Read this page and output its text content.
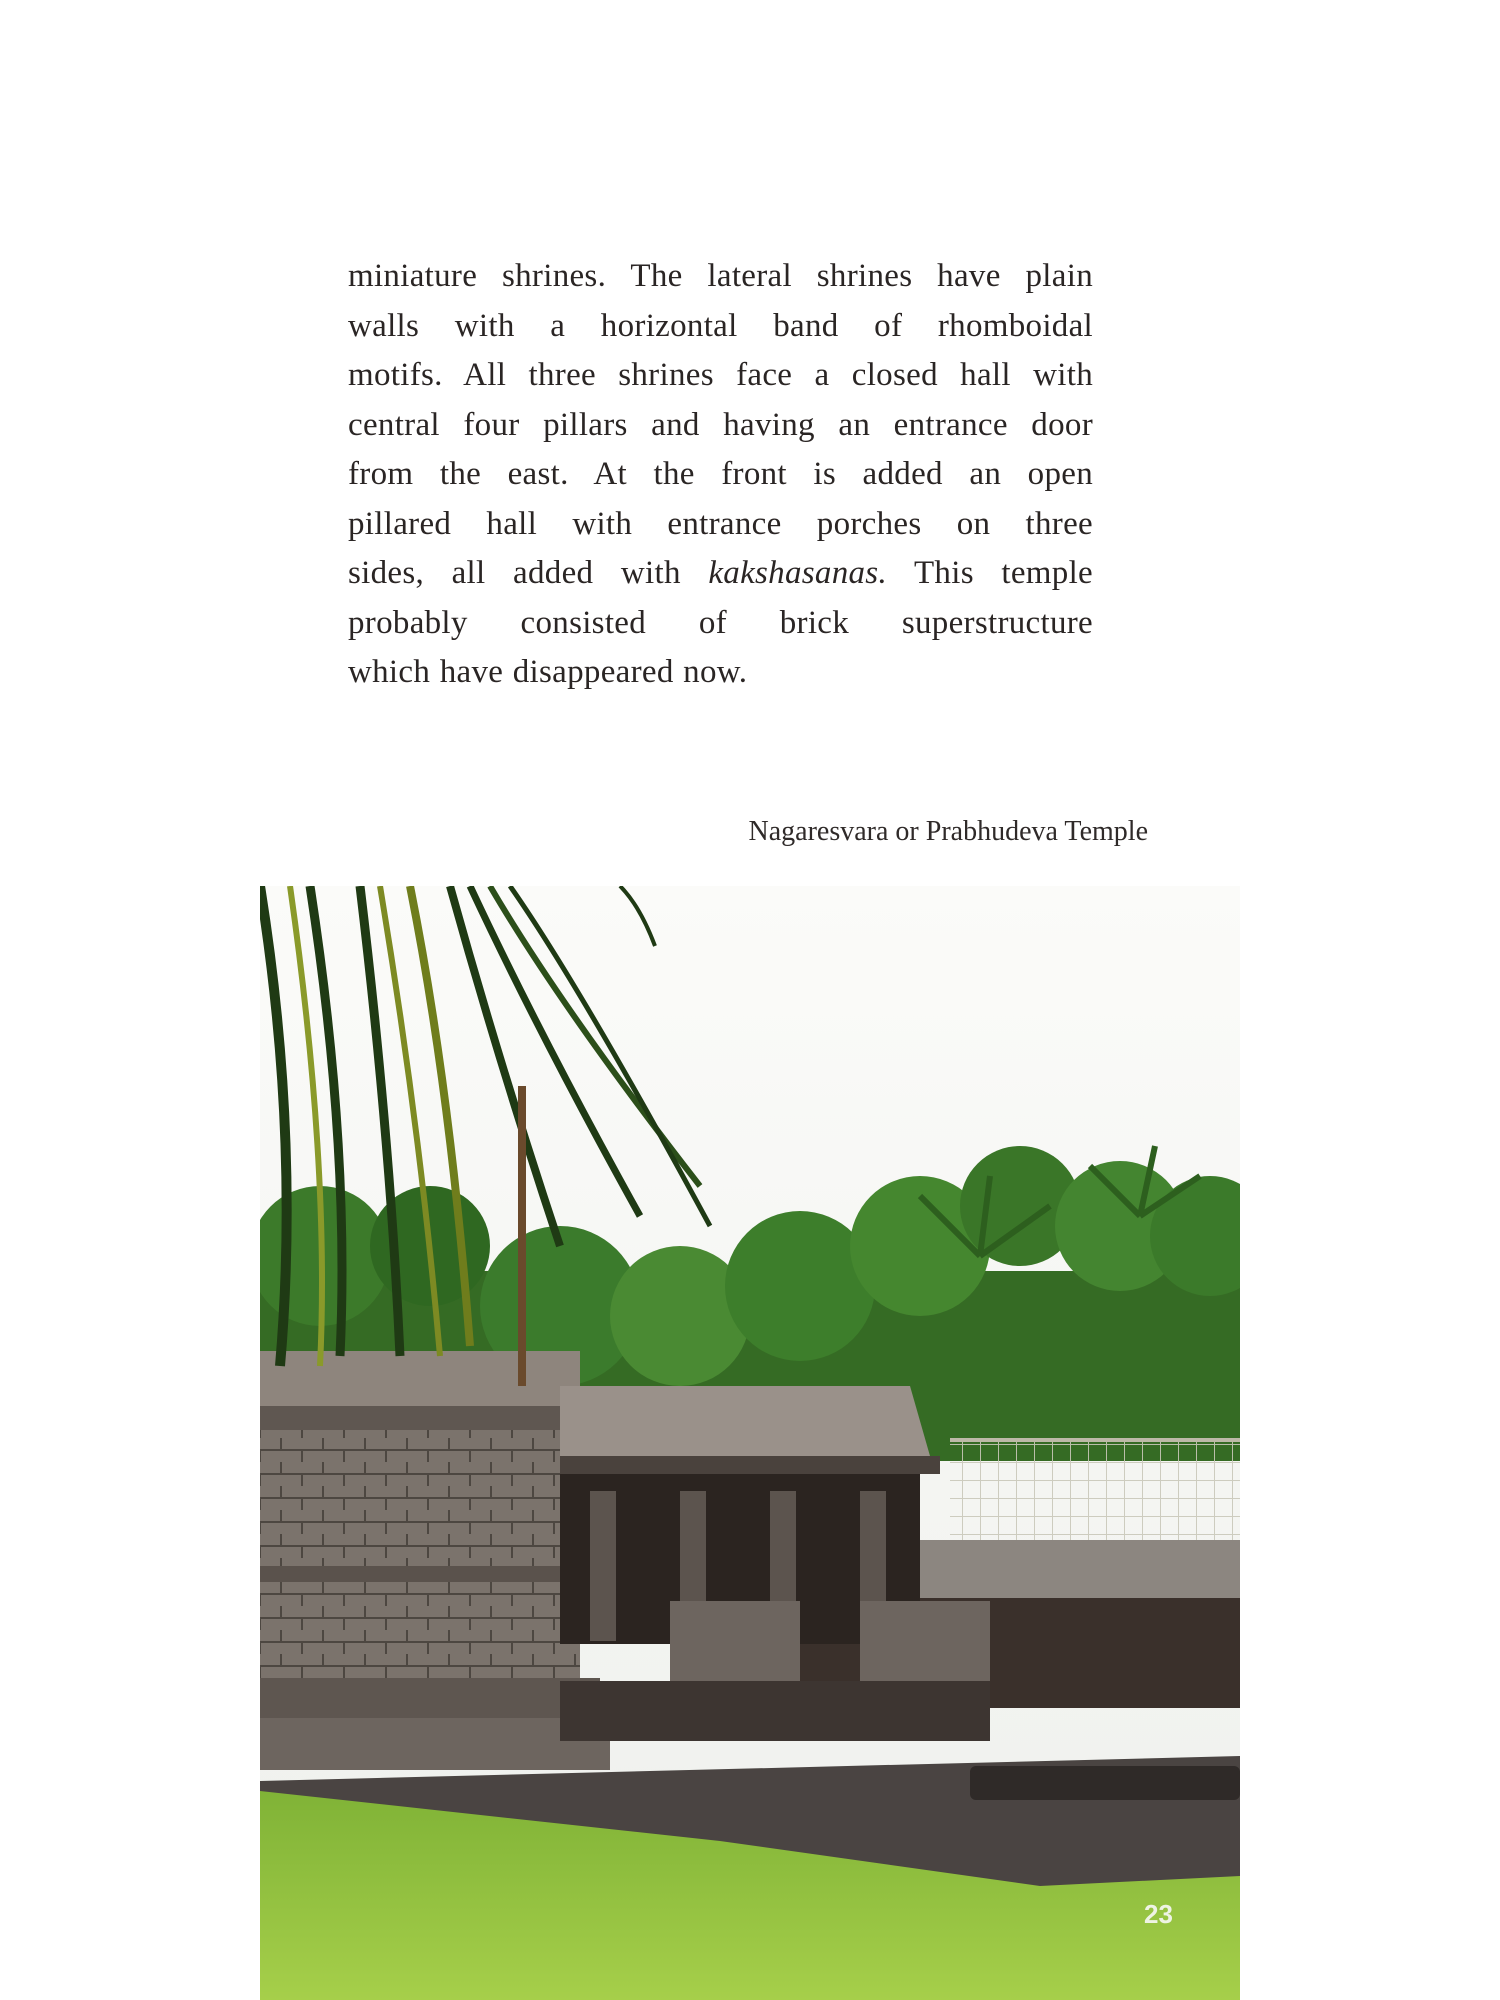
miniature shrines. The lateral shrines have plain
walls with a horizontal band of rhomboidal
motifs. All three shrines face a closed hall with
central four pillars and having an entrance door
from the east. At the front is added an open
pillared hall with entrance porches on three
sides, all added with kakshasanas. This temple
probably consisted of brick superstructure
which have disappeared now.
Nagaresvara or Prabhudeva Temple
23
